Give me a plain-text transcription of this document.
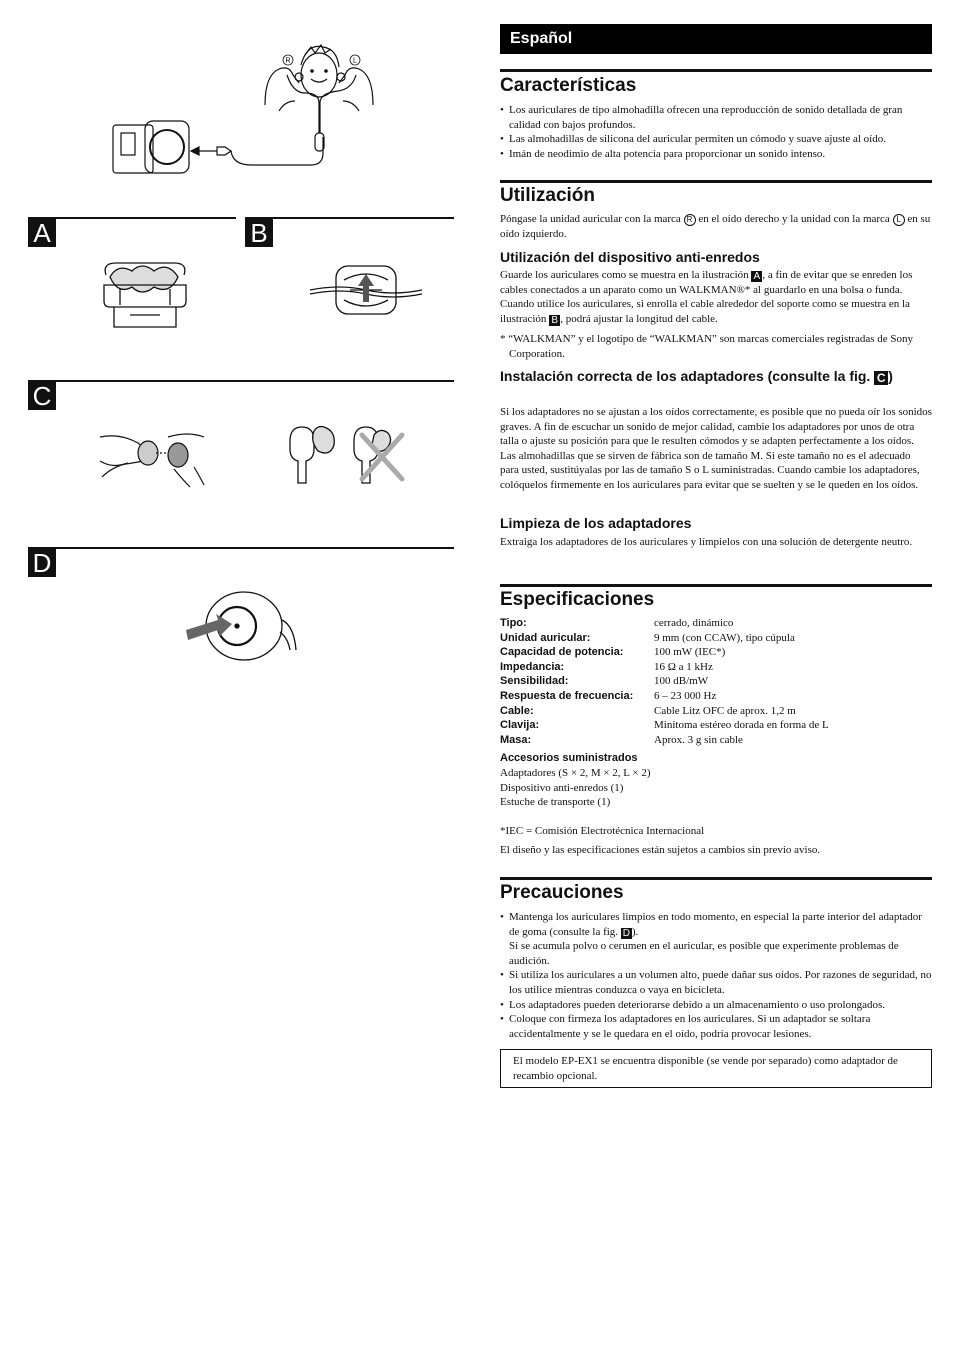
R	L
A	B
C
D
Español
Características
• Los auriculares de tipo almohadilla ofrecen una reproducción de sonido detallada de gran calidad con bajos profundos.
• Las almohadillas de silicona del auricular permiten un cómodo y suave ajuste al oído.
• Imán de neodimio de alta potencia para proporcionar un sonido intenso.
Utilización

Póngase la unidad auricular con la marca R en el oído derecho y la unidad con la marca L en su oído izquierdo.

Utilización del dispositivo anti-enredos

Guarde los auriculares como se muestra en la ilustración A , a fin de evitar que se enreden los cables conectados a un aparato como un WALKMAN®* al guardarlo en una bolsa o funda. Cuando utilice los auriculares, si enrolla el cable alrededor del soporte como se muestra en la ilustración B , podrá ajustar la longitud del cable.

* “WALKMAN” y el logotipo de “WALKMAN” son marcas comerciales registradas de Sony Corporation.

Instalación correcta de los adaptadores (consulte la fig. C )

Si los adaptadores no se ajustan a los oídos correctamente, es posible que no pueda oír los sonidos graves. A fin de escuchar un sonido de mejor calidad, cambie los adaptadores por unos de otra talla o ajuste su posición para que le resulten cómodos y se adapten perfectamente a los oídos. Las almohadillas que se sirven de fábrica son de tamaño M. Si este tamaño no es el adecuado para usted, sustitúyalas por las de tamaño S o L suministradas. Cuando cambie los adaptadores, colóquelos firmemente en los auriculares para evitar que se suelten y se le queden en los oídos.

Limpieza de los adaptadores

Extraiga los adaptadores de los auriculares y límpielos con una solución de detergente neutro.

Especificaciones
Tipo:	cerrado, dinámico
Unidad auricular:	9 mm (con CCAW), tipo cúpula
Capacidad de potencia:	100 mW (IEC*)
Impedancia:	16 Ω a 1 kHz
Sensibilidad:	100 dB/mW
Respuesta de frecuencia: 6 – 23 000 Hz
Cable:	Cable Litz OFC de aprox. 1,2 m
Clavija:	Minitoma estéreo dorada en forma de L
Masa:	Aprox. 3 g sin cable
Accesorios suministrados

Adaptadores (S × 2, M × 2, L × 2)

Dispositivo anti-enredos (1)

Estuche de transporte (1)

*IEC = Comisión Electrotécnica Internacional

El diseño y las especificaciones están sujetos a cambios sin previo aviso.

Precauciones
• Mantenga los auriculares limpios en todo momento, en especial la parte interior del adaptador de goma (consulte la fig. D ).
Si se acumula polvo o cerumen en el auricular, es posible que experimente problemas de audición.
• Si utiliza los auriculares a un volumen alto, puede dañar sus oídos. Por razones de seguridad, no los utilice mientras conduzca o vaya en bicicleta.
• Los adaptadores pueden deteriorarse debido a un almacenamiento o uso prolongados.
• Coloque con firmeza los adaptadores en los auriculares. Si un adaptador se soltara accidentalmente y se le quedara en el oído, podría provocar lesiones.
El modelo EP-EX1 se encuentra disponible (se vende por separado) como adaptador de recambio opcional.
